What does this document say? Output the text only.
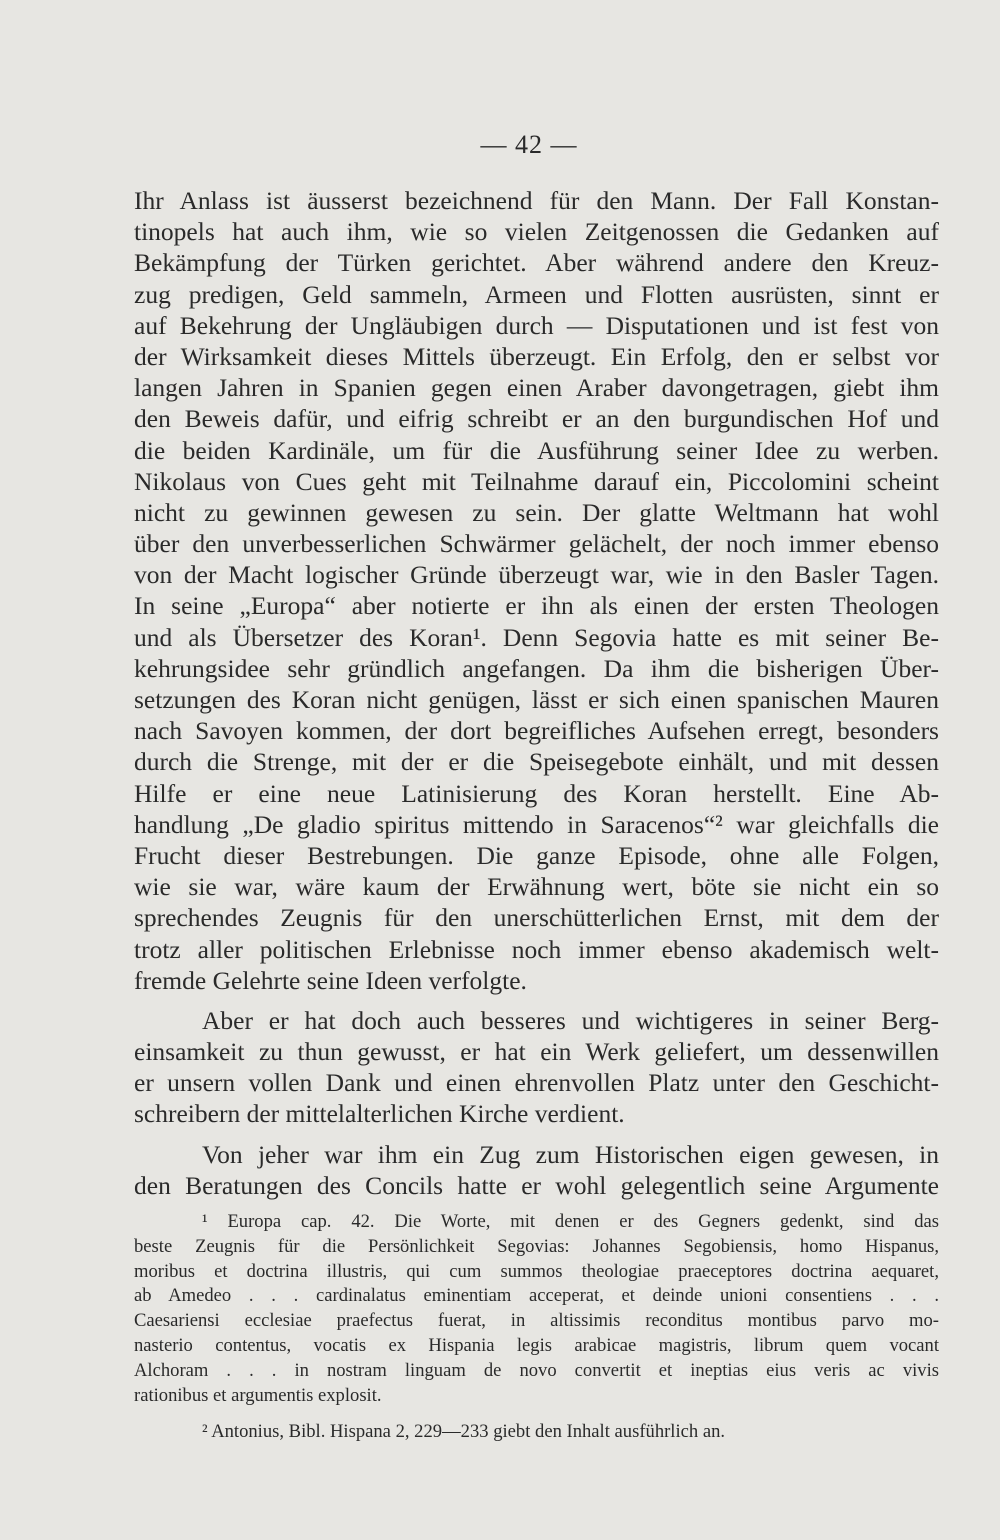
— 42 —
Ihr Anlass ist äusserst bezeichnend für den Mann. Der Fall Konstan-
tinopels hat auch ihm, wie so vielen Zeitgenossen die Gedanken auf
Bekämpfung der Türken gerichtet. Aber während andere den Kreuz-
zug predigen, Geld sammeln, Armeen und Flotten ausrüsten, sinnt er
auf Bekehrung der Ungläubigen durch — Disputationen und ist fest von
der Wirksamkeit dieses Mittels überzeugt. Ein Erfolg, den er selbst vor
langen Jahren in Spanien gegen einen Araber davongetragen, giebt ihm
den Beweis dafür, und eifrig schreibt er an den burgundischen Hof und
die beiden Kardinäle, um für die Ausführung seiner Idee zu werben.
Nikolaus von Cues geht mit Teilnahme darauf ein, Piccolomini scheint
nicht zu gewinnen gewesen zu sein. Der glatte Weltmann hat wohl
über den unverbesserlichen Schwärmer gelächelt, der noch immer ebenso
von der Macht logischer Gründe überzeugt war, wie in den Basler Tagen.
In seine „Europa“ aber notierte er ihn als einen der ersten Theologen
und als Übersetzer des Koran¹. Denn Segovia hatte es mit seiner Be-
kehrungsidee sehr gründlich angefangen. Da ihm die bisherigen Über-
setzungen des Koran nicht genügen, lässt er sich einen spanischen Mauren
nach Savoyen kommen, der dort begreifliches Aufsehen erregt, besonders
durch die Strenge, mit der er die Speisegebote einhält, und mit dessen
Hilfe er eine neue Latinisierung des Koran herstellt. Eine Ab-
handlung „De gladio spiritus mittendo in Saracenos“² war gleichfalls die
Frucht dieser Bestrebungen. Die ganze Episode, ohne alle Folgen,
wie sie war, wäre kaum der Erwähnung wert, böte sie nicht ein so
sprechendes Zeugnis für den unerschütterlichen Ernst, mit dem der
trotz aller politischen Erlebnisse noch immer ebenso akademisch welt-
fremde Gelehrte seine Ideen verfolgte.
Aber er hat doch auch besseres und wichtigeres in seiner Berg-
einsamkeit zu thun gewusst, er hat ein Werk geliefert, um dessenwillen
er unsern vollen Dank und einen ehrenvollen Platz unter den Geschicht-
schreibern der mittelalterlichen Kirche verdient.
Von jeher war ihm ein Zug zum Historischen eigen gewesen, in
den Beratungen des Concils hatte er wohl gelegentlich seine Argumente
¹ Europa cap. 42. Die Worte, mit denen er des Gegners gedenkt, sind das
beste Zeugnis für die Persönlichkeit Segovias: Johannes Segobiensis, homo Hispanus,
moribus et doctrina illustris, qui cum summos theologiae praeceptores doctrina aequaret,
ab Amedeo . . . cardinalatus eminentiam acceperat, et deinde unioni consentiens . . .
Caesariensi ecclesiae praefectus fuerat, in altissimis reconditus montibus parvo mo-
nasterio contentus, vocatis ex Hispania legis arabicae magistris, librum quem vocant
Alchoram . . . in nostram linguam de novo convertit et ineptias eius veris ac vivis
rationibus et argumentis explosit.
² Antonius, Bibl. Hispana 2, 229—233 giebt den Inhalt ausführlich an.
